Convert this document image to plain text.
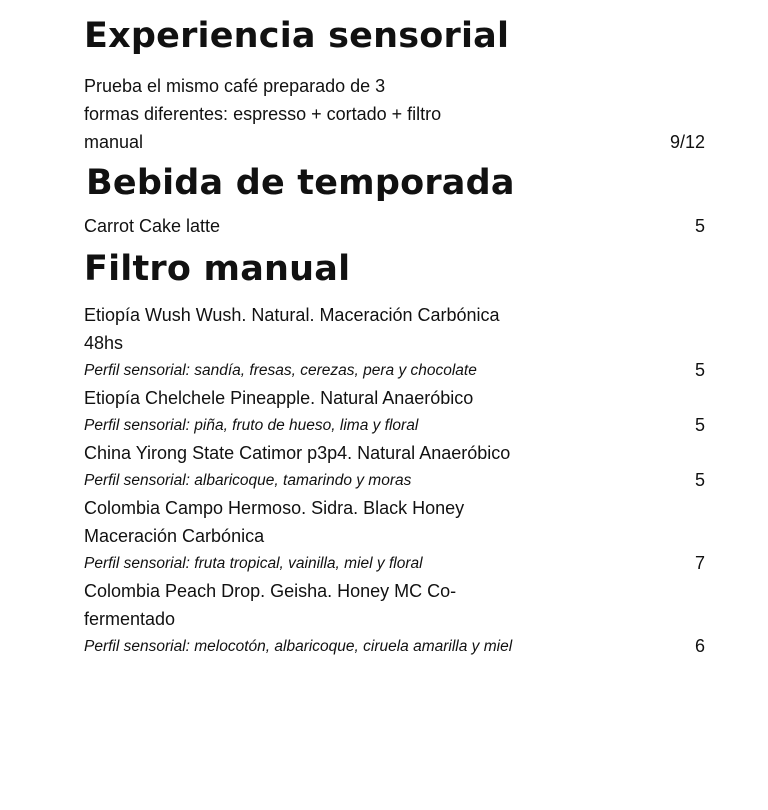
Experiencia sensorial
Prueba el mismo café preparado de 3 formas diferentes: espresso + cortado + filtro manual	9/12
Bebida de temporada
Carrot Cake latte	5
Filtro manual
Etiopía Wush Wush. Natural. Maceración Carbónica 48hs
Perfil sensorial: sandía, fresas, cerezas, pera y chocolate	5
Etiopía Chelchele Pineapple. Natural Anaeróbico
Perfil sensorial: piña, fruto de hueso, lima y floral	5
China Yirong State Catimor p3p4. Natural Anaeróbico
Perfil sensorial: albaricoque, tamarindo y moras	5
Colombia Campo Hermoso. Sidra. Black Honey Maceración Carbónica
Perfil sensorial: fruta tropical, vainilla, miel y floral	7
Colombia Peach Drop. Geisha. Honey MC Co-fermentado
Perfil sensorial: melocotón, albaricoque, ciruela amarilla y miel	6
